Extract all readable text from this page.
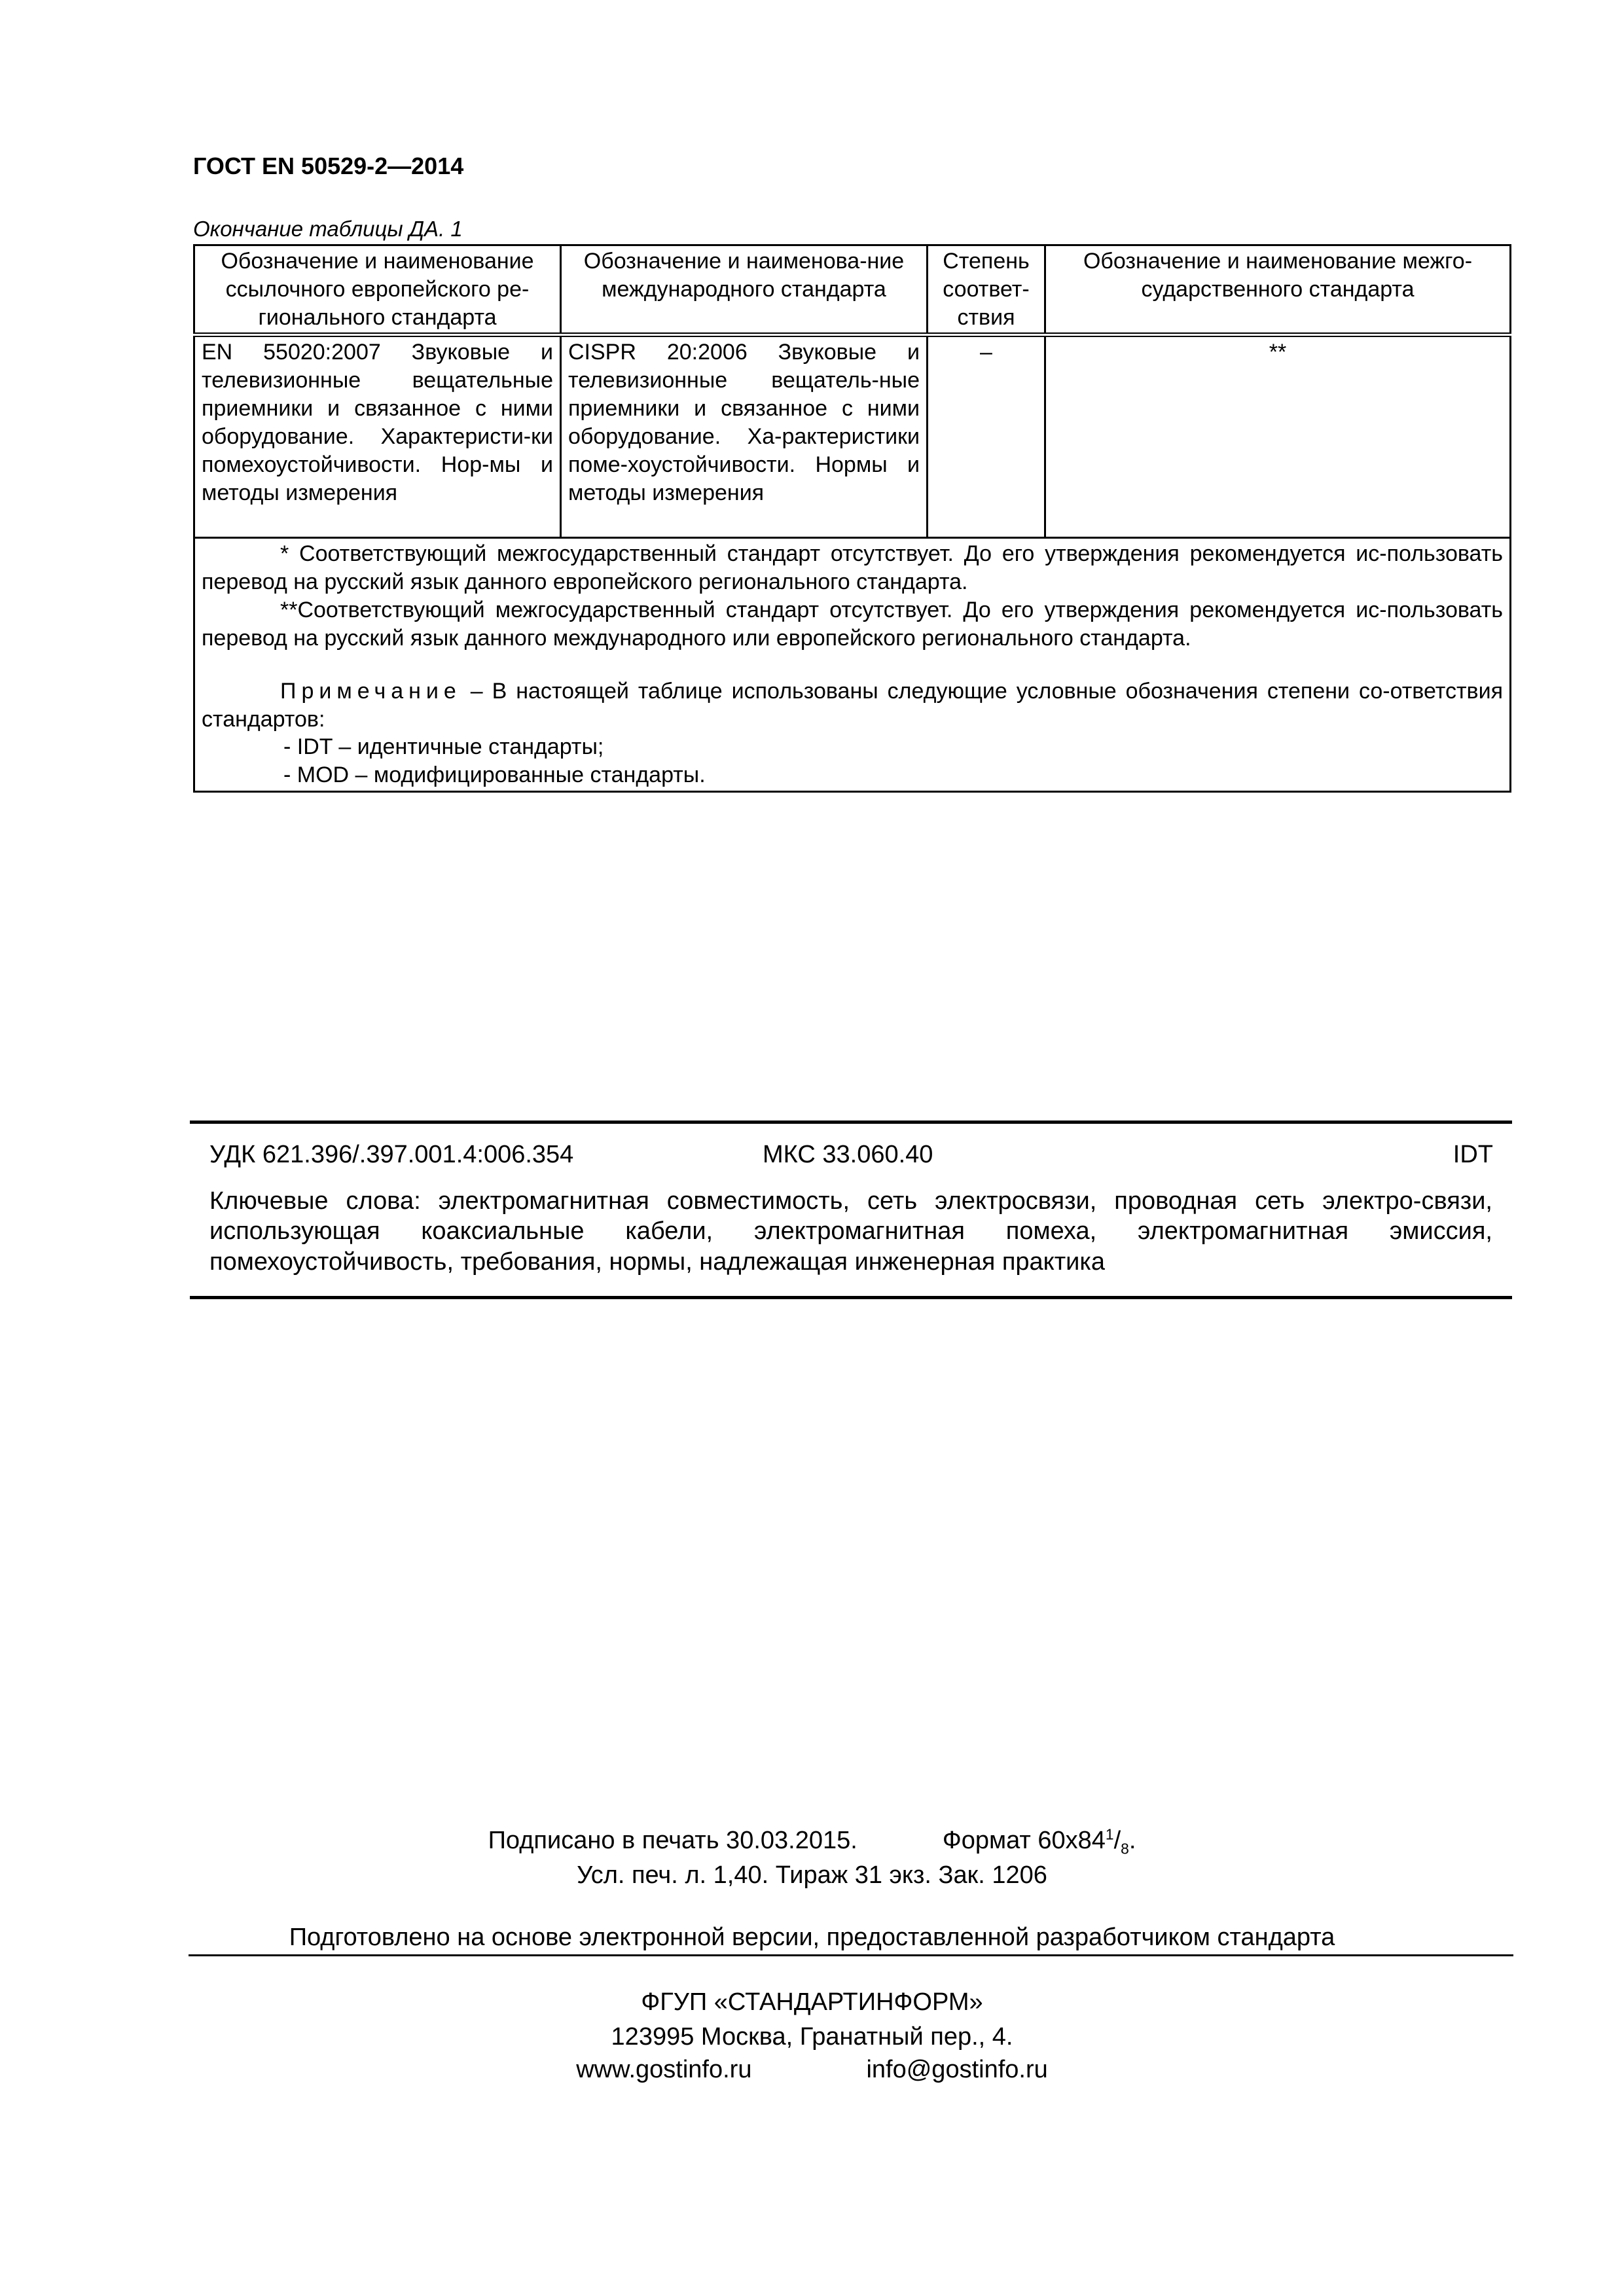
ГОСТ EN 50529-2—2014
Окончание таблицы ДА. 1
Обозначение и наименование ссылочного европейского ре-гионального стандарта	Обозначение и наименова-ние международного стандарта	Степень соответ-ствия	Обозначение и наименование межго-сударственного стандарта
EN 55020:2007 Звуковые и телевизионные вещательные приемники и связанное с ними оборудование. Характеристи-ки помехоустойчивости. Нор-мы и методы измерения	CISPR 20:2006 Звуковые и телевизионные вещатель-ные приемники и связанное с ними оборудование. Ха-рактеристики поме-хоустойчивости. Нормы и методы измерения	–	**

* Соответствующий межгосударственный стандарт отсутствует. До его утверждения рекомендуется ис-пользовать перевод на русский язык данного европейского регионального стандарта.
**Соответствующий межгосударственный стандарт отсутствует. До его утверждения рекомендуется ис-пользовать перевод на русский язык данного международного или европейского регионального стандарта.
Примечание – В настоящей таблице использованы следующие условные обозначения степени со-ответствия стандартов:
- IDT – идентичные стандарты;
- MOD – модифицированные стандарты.			
УДК 621.396/.397.001.4:006.354	МКС 33.060.40	IDT
Ключевые слова: электромагнитная совместимость, сеть электросвязи, проводная сеть электро-связи, использующая коаксиальные кабели, электромагнитная помеха, электромагнитная эмиссия, помехоустойчивость, требования, нормы, надлежащая инженерная практика
Подписано в печать 30.03.2015.	Формат $60х84^1/_8$.
Усл. печ. л. 1,40. Тираж 31 экз. Зак. 1206
Подготовлено на основе электронной версии, предоставленной разработчиком стандарта
ФГУП «СТАНДАРТИНФОРМ»
123995 Москва, Гранатный пер., 4.
www.gostinfo.ru	info@gostinfo.ru
